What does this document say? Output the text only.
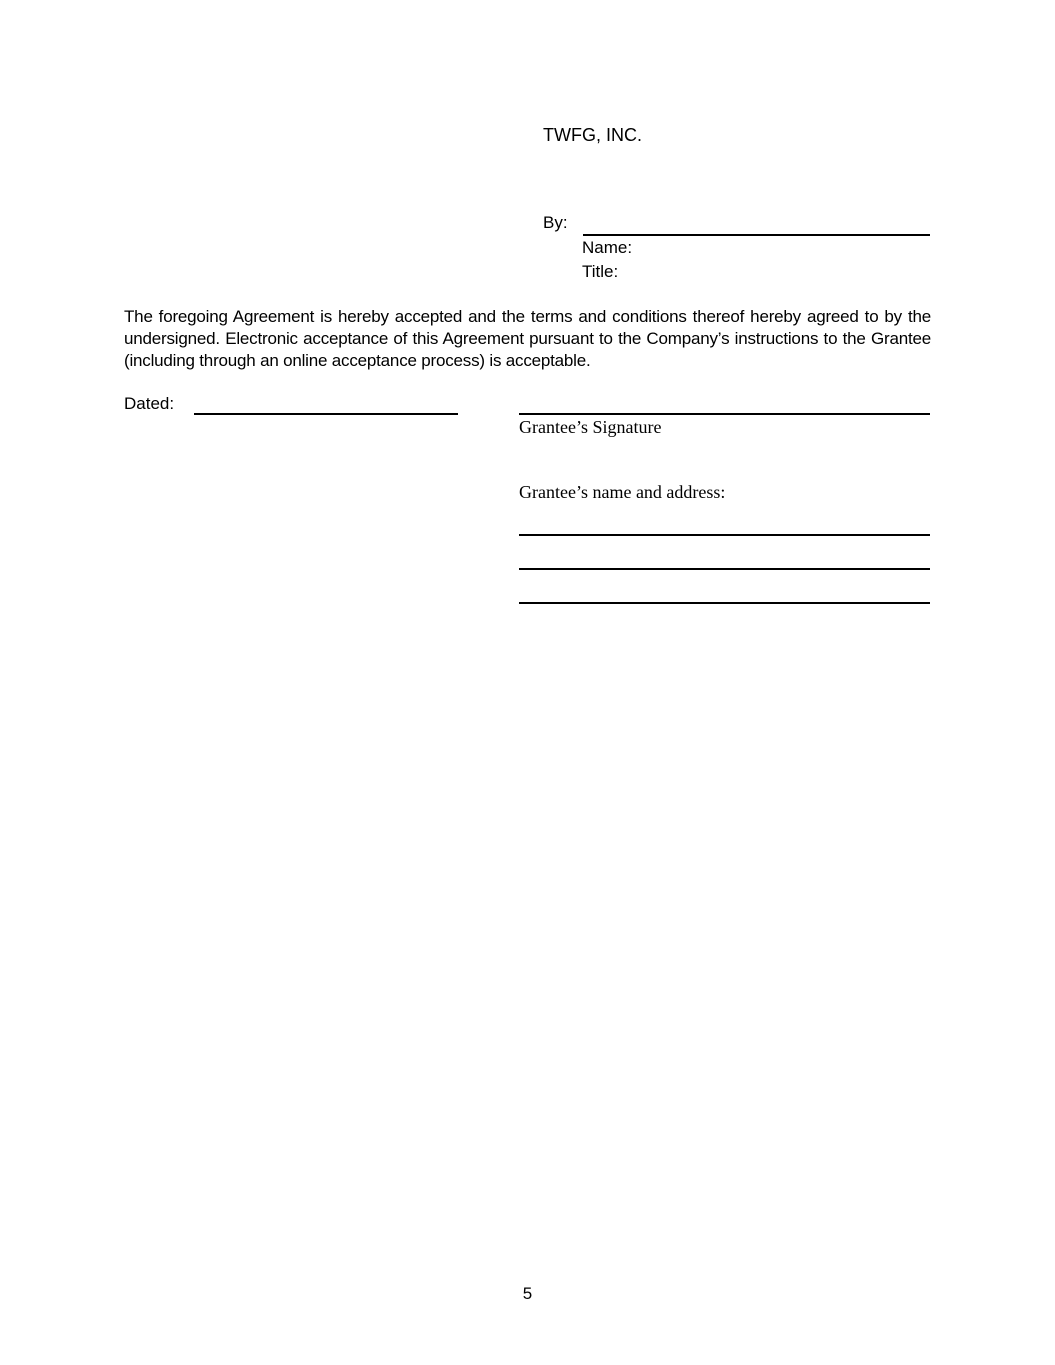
TWFG, INC.
By:
Name:
Title:
The foregoing Agreement is hereby accepted and the terms and conditions thereof hereby agreed to by the undersigned. Electronic acceptance of this Agreement pursuant to the Company’s instructions to the Grantee (including through an online acceptance process) is acceptable.
Dated:
Grantee’s Signature
Grantee’s name and address:
5
